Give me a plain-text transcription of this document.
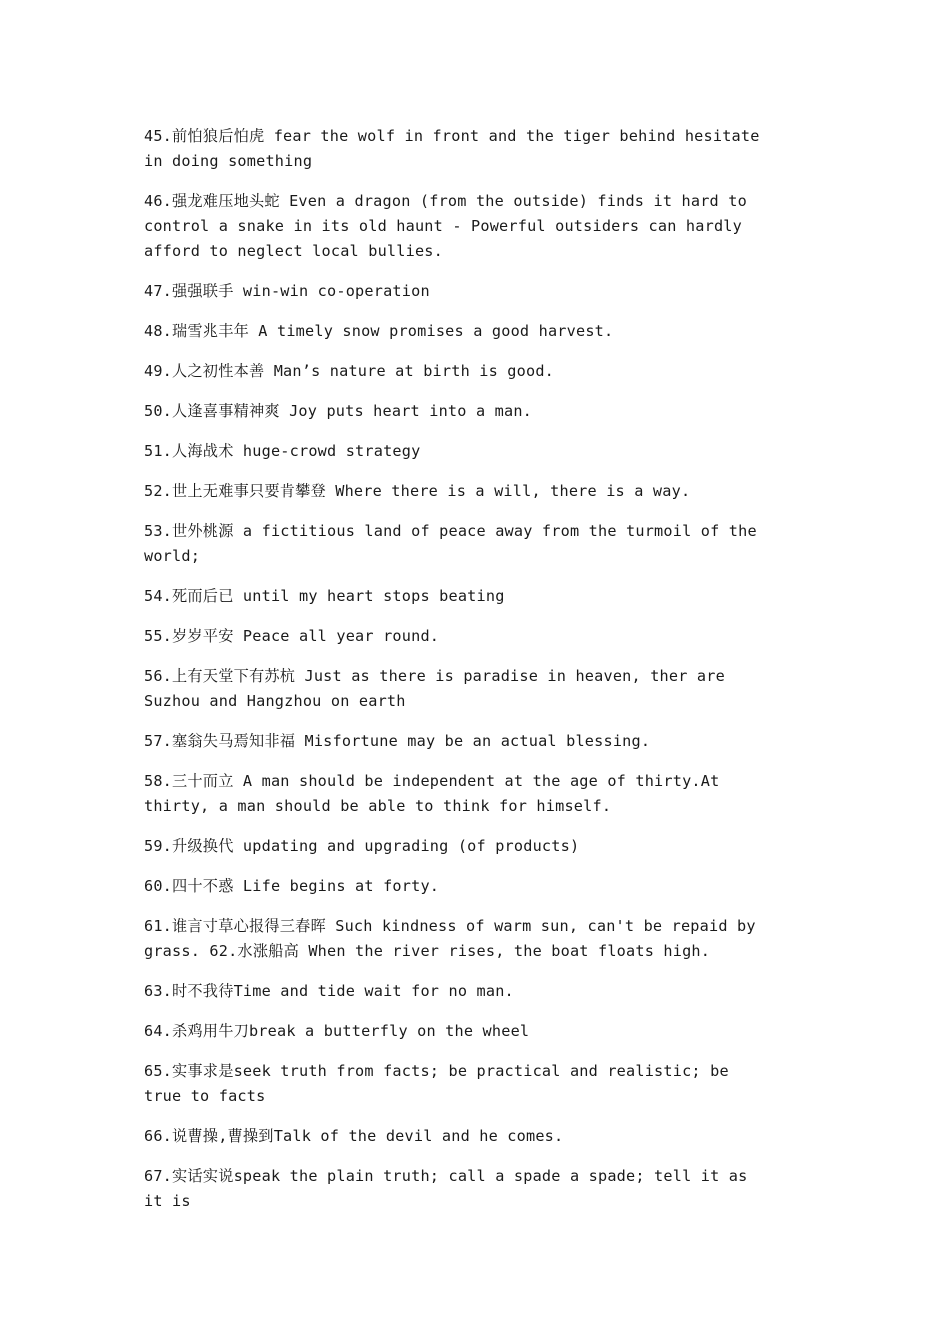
45.前怕狼后怕虎 fear the wolf in front and the tiger behind hesitate
in doing something

46.强龙难压地头蛇 Even a dragon (from the outside) finds it hard to
control a snake in its old haunt - Powerful outsiders can hardly
afford to neglect local bullies.

47.强强联手 win-win co-operation

48.瑞雪兆丰年 A timely snow promises a good harvest.

49.人之初性本善 Man’s nature at birth is good.

50.人逢喜事精神爽 Joy puts heart into a man.

51.人海战术 huge-crowd strategy

52.世上无难事只要肯攀登 Where there is a will, there is a way.

53.世外桃源 a fictitious land of peace away from the turmoil of the
world;

54.死而后已 until my heart stops beating

55.岁岁平安 Peace all year round.

56.上有天堂下有苏杭 Just as there is paradise in heaven, ther are
Suzhou and Hangzhou on earth

57.塞翁失马焉知非福 Misfortune may be an actual blessing.

58.三十而立 A man should be independent at the age of thirty.At
thirty, a man should be able to think for himself.

59.升级换代 updating and upgrading (of products)

60.四十不惑 Life begins at forty.

61.谁言寸草心报得三春晖 Such kindness of warm sun, can't be repaid by
grass. 62.水涨船高 When the river rises, the boat floats high.

63.时不我待Time and tide wait for no man.

64.杀鸡用牛刀break a butterfly on the wheel

65.实事求是seek truth from facts; be practical and realistic; be
true to facts

66.说曹操,曹操到Talk of the devil and he comes.

67.实话实说speak the plain truth; call a spade a spade; tell it as
it is
